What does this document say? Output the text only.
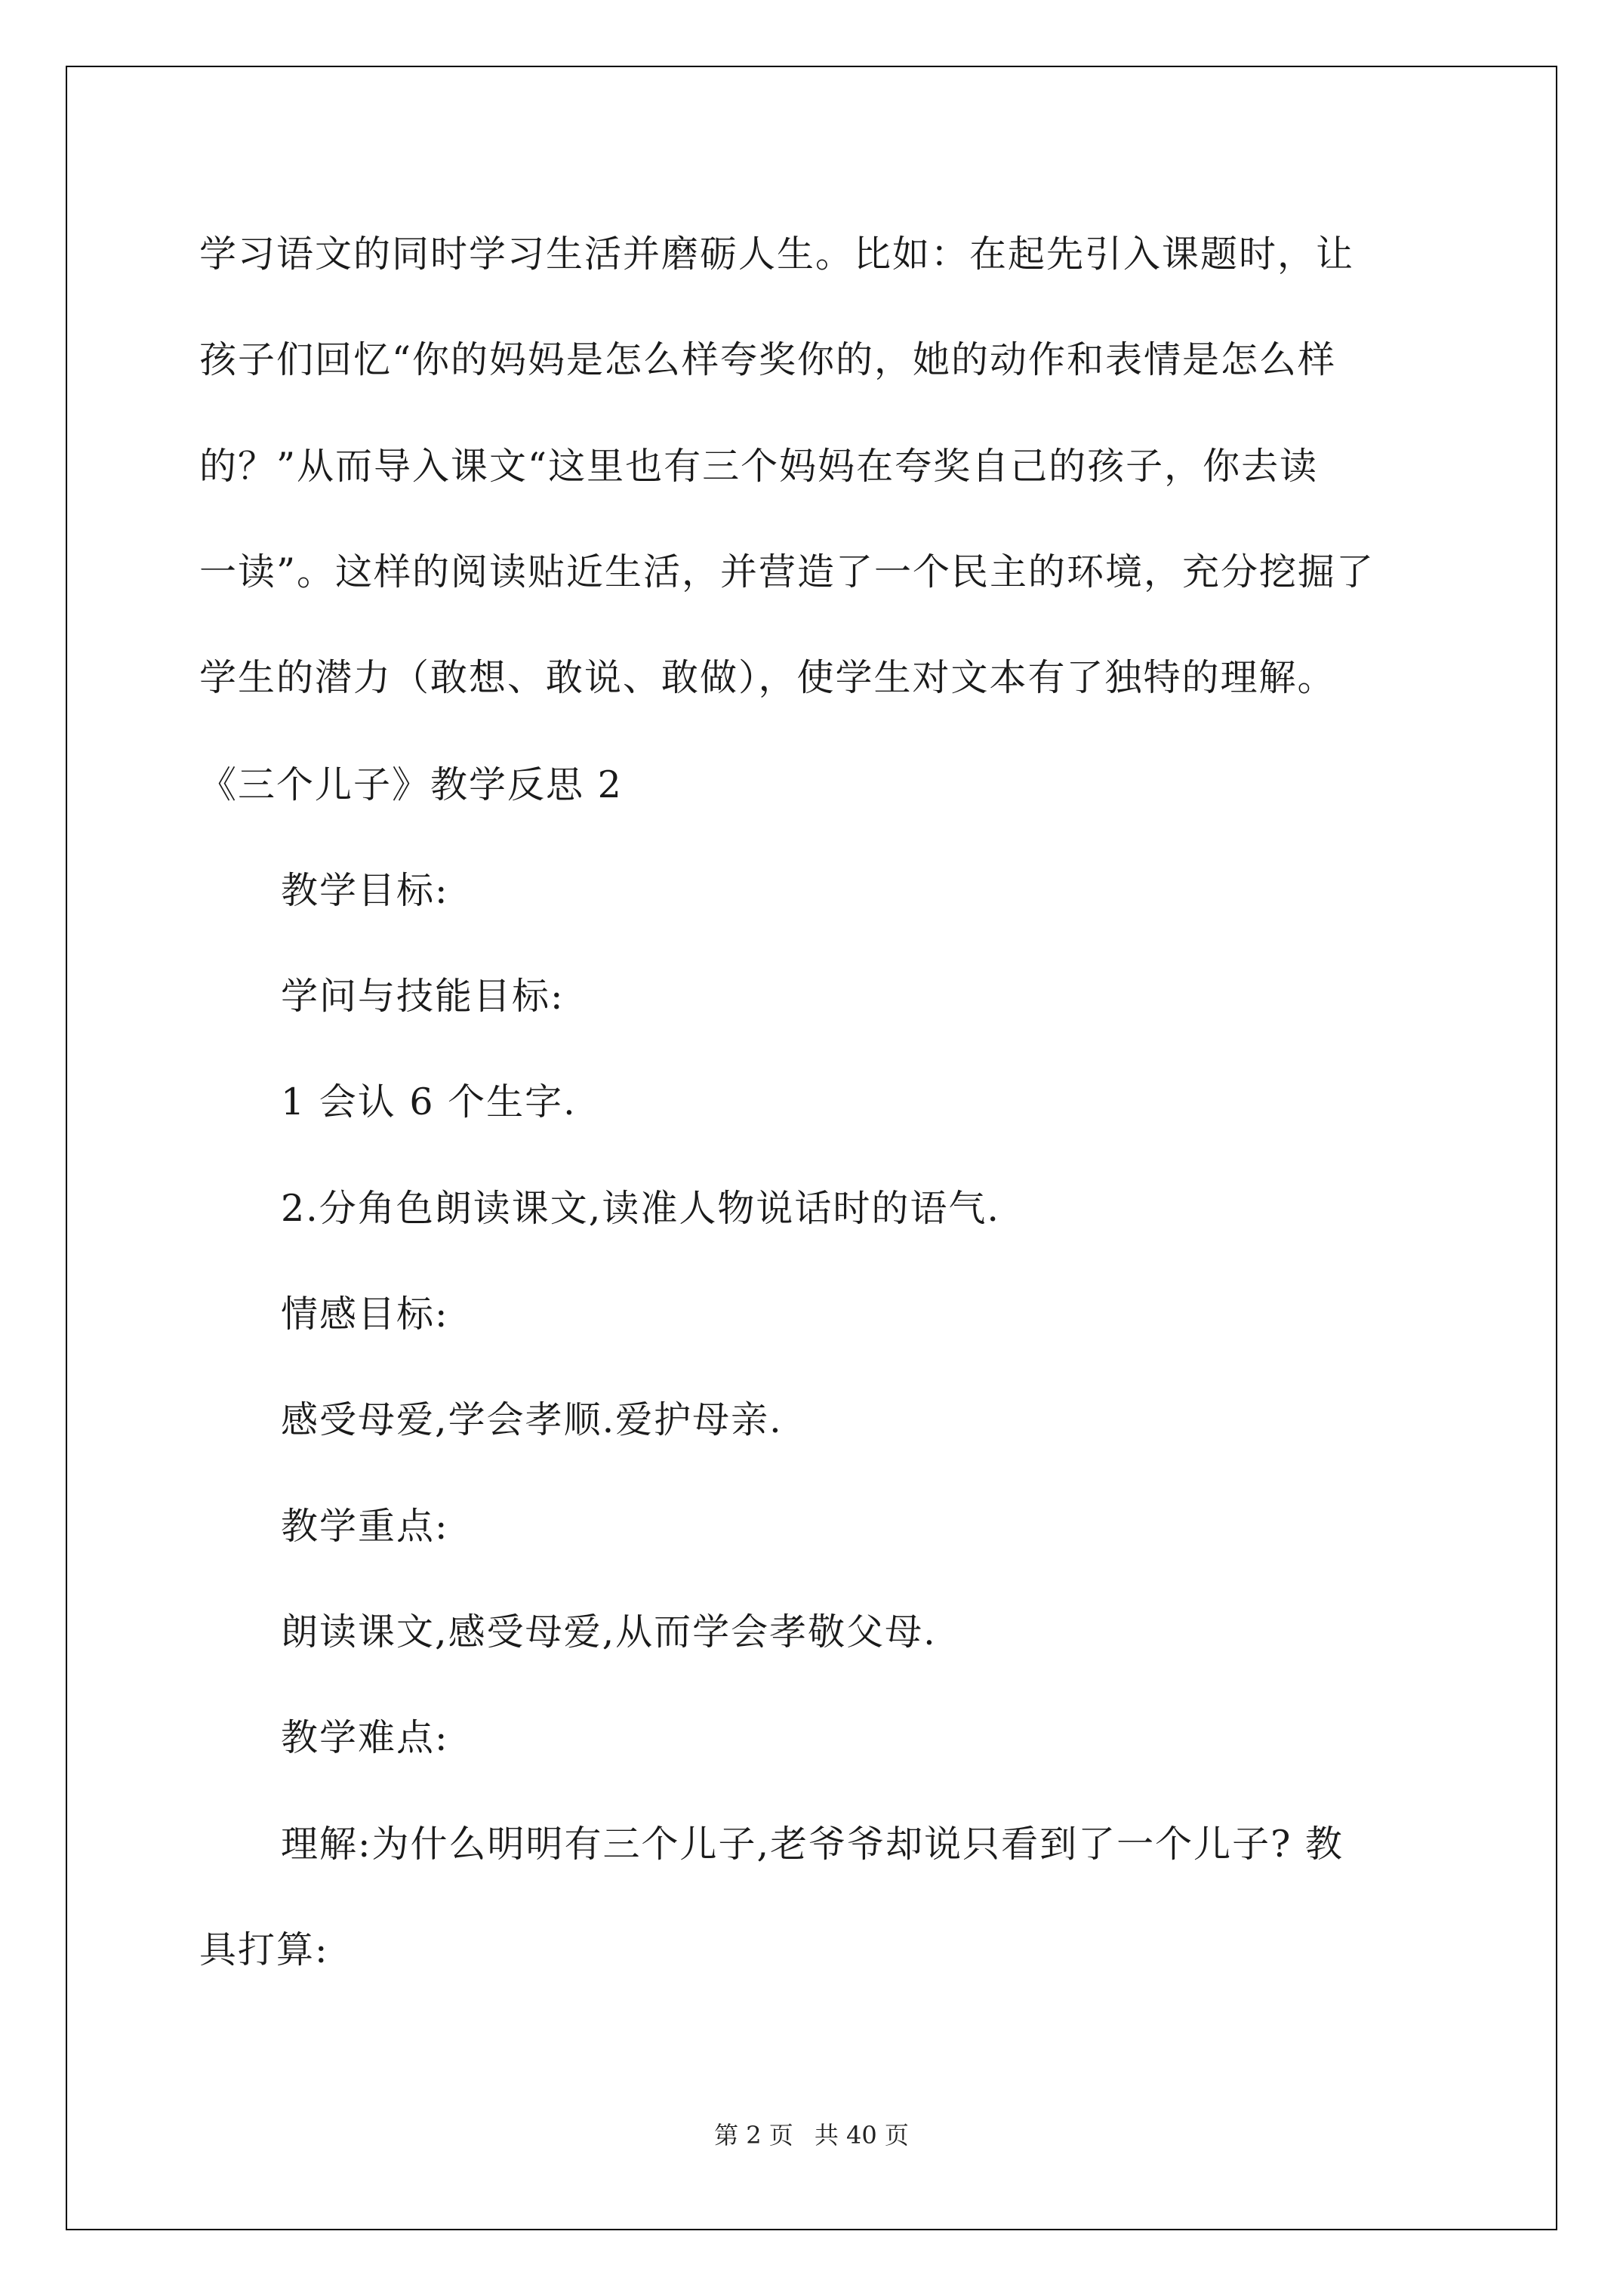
学习语文的同时学习生活并磨砺人生。比如：在起先引入课题时，让
孩子们回忆“你的妈妈是怎么样夸奖你的，她的动作和表情是怎么样
的？”从而导入课文“这里也有三个妈妈在夸奖自己的孩子，你去读
一读”。这样的阅读贴近生活，并营造了一个民主的环境，充分挖掘了
学生的潜力（敢想、敢说、敢做），使学生对文本有了独特的理解。
《三个儿子》教学反思 2
教学目标:
学问与技能目标:
1 会认 6 个生字.
2.分角色朗读课文,读准人物说话时的语气.
情感目标:
感受母爱,学会孝顺.爱护母亲.
教学重点:
朗读课文,感受母爱,从而学会孝敬父母.
教学难点:
理解:为什么明明有三个儿子,老爷爷却说只看到了一个儿子? 教
具打算:
第 2 页 共 40 页
